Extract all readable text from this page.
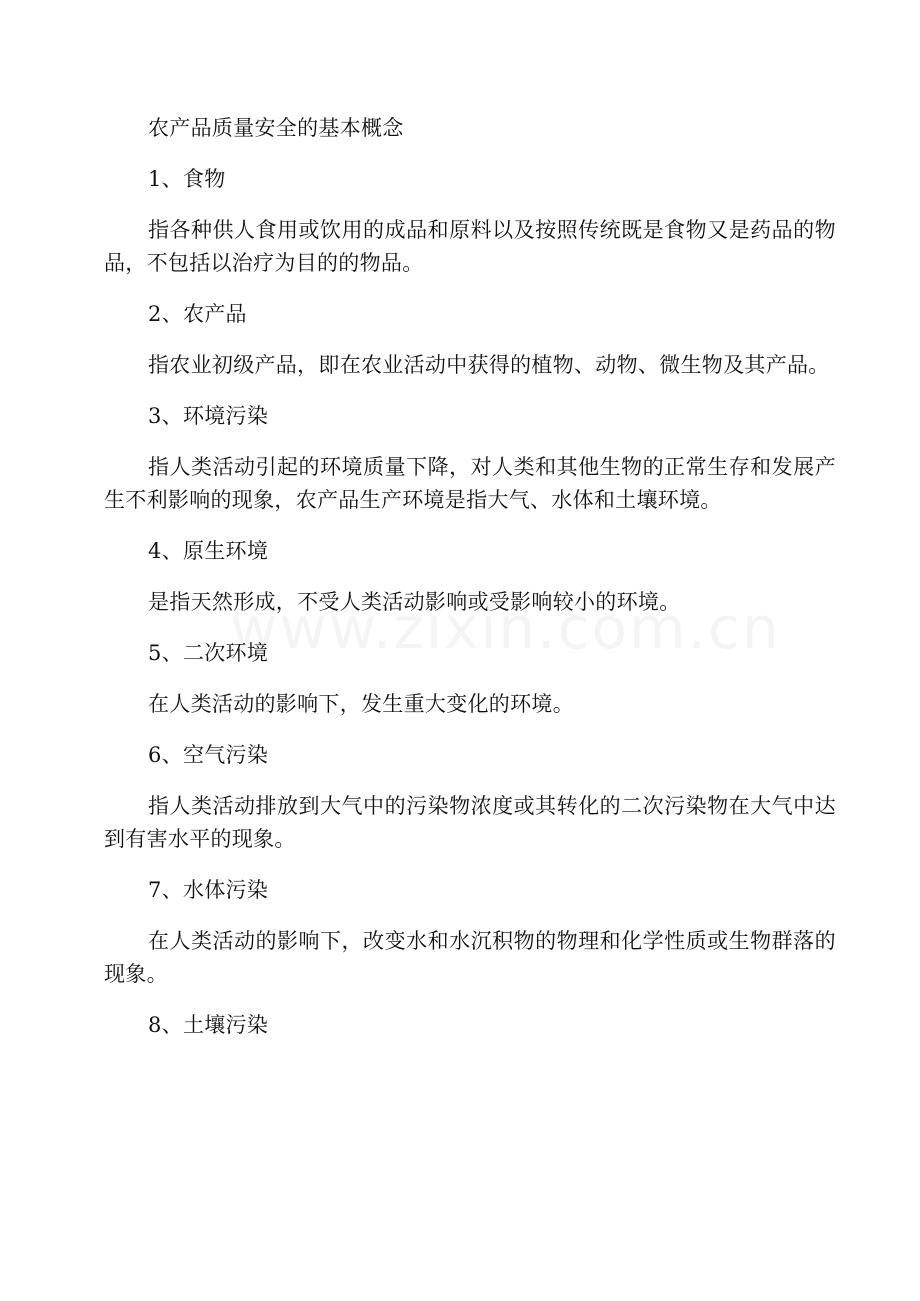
农产品质量安全的基本概念

1、食物

指各种供人食用或饮用的成品和原料以及按照传统既是食物又是药品的物品，不包括以治疗为目的的物品。

2、农产品

指农业初级产品，即在农业活动中获得的植物、动物、微生物及其产品。

3、环境污染

指人类活动引起的环境质量下降，对人类和其他生物的正常生存和发展产生不利影响的现象，农产品生产环境是指大气、水体和土壤环境。

4、原生环境

是指天然形成，不受人类活动影响或受影响较小的环境。

5、二次环境

在人类活动的影响下，发生重大变化的环境。

6、空气污染

指人类活动排放到大气中的污染物浓度或其转化的二次污染物在大气中达到有害水平的现象。

7、水体污染

在人类活动的影响下，改变水和水沉积物的物理和化学性质或生物群落的现象。

8、土壤污染
